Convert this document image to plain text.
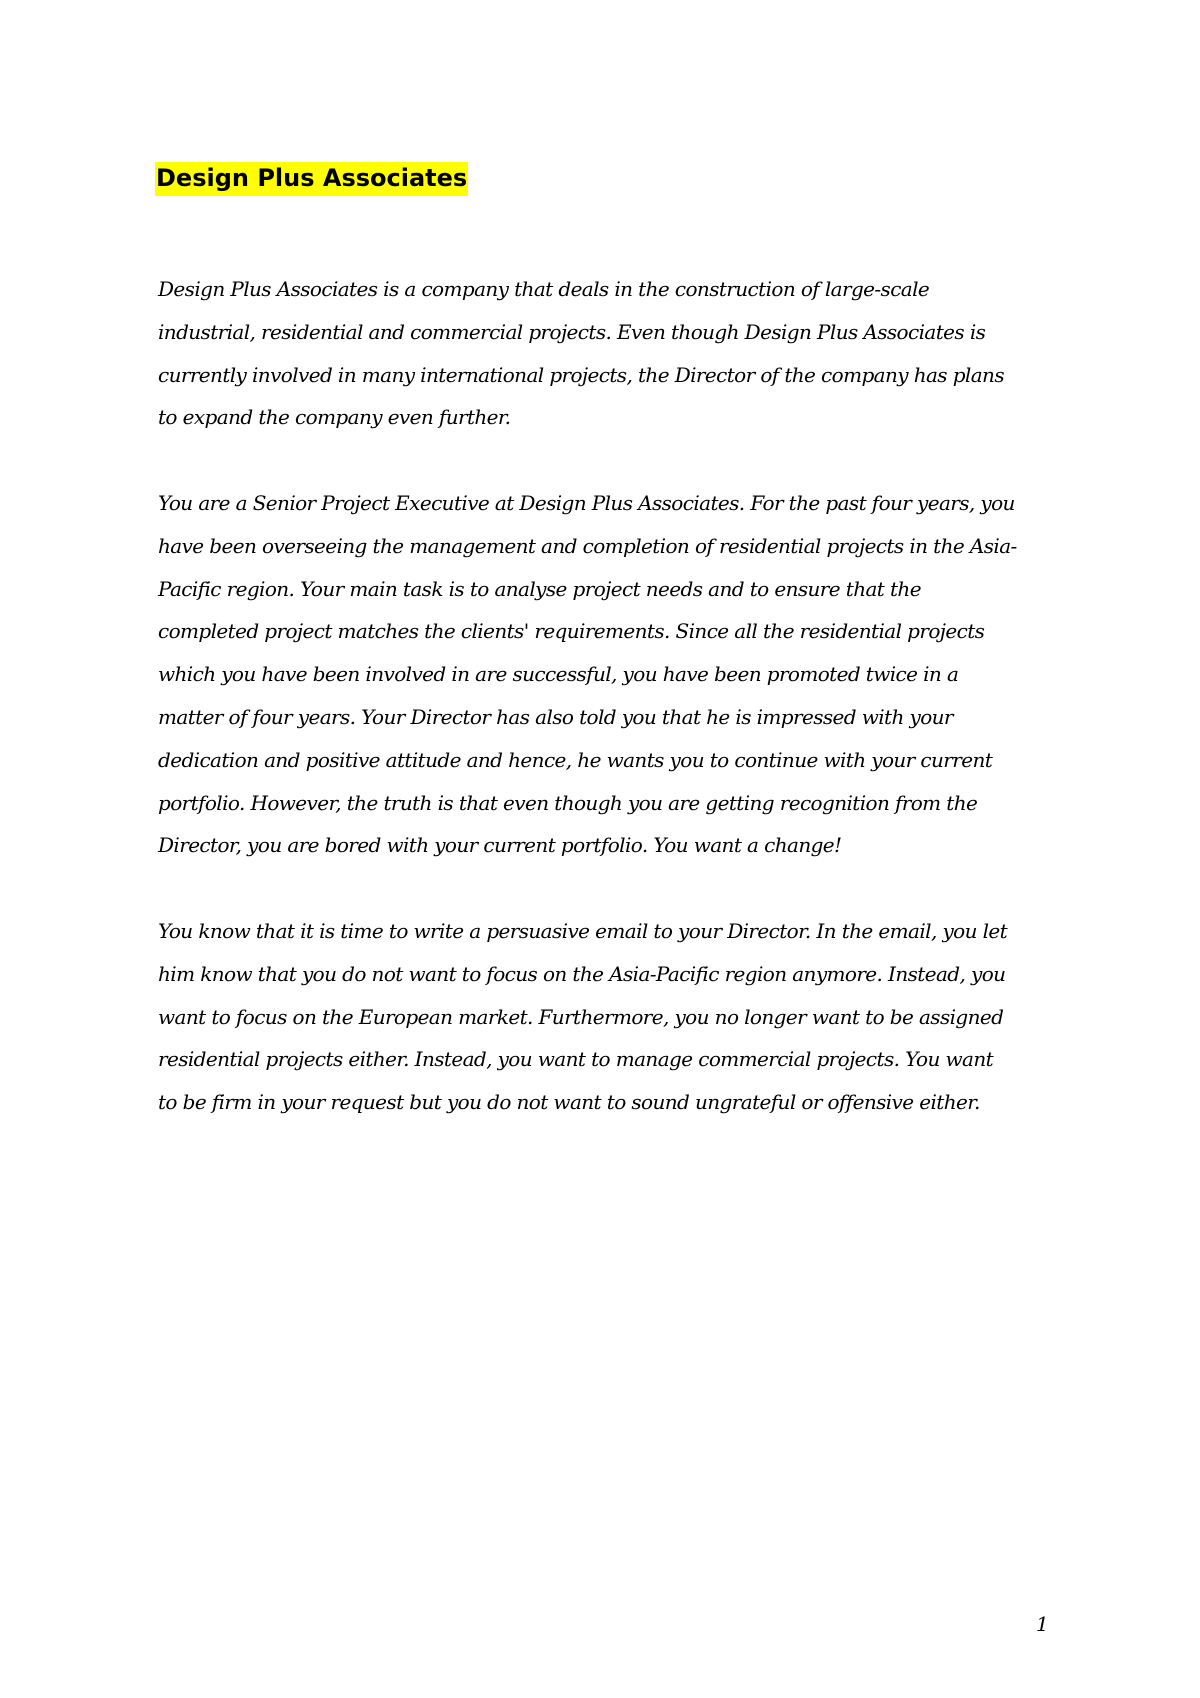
Design Plus Associates

Design Plus Associates is a company that deals in the construction of large-scale
industrial, residential and commercial projects. Even though Design Plus Associates is
currently involved in many international projects, the Director of the company has plans
to expand the company even further.

You are a Senior Project Executive at Design Plus Associates. For the past four years, you
have been overseeing the management and completion of residential projects in the Asia-
Pacific region. Your main task is to analyse project needs and to ensure that the
completed project matches the clients' requirements. Since all the residential projects
which you have been involved in are successful, you have been promoted twice in a
matter of four years. Your Director has also told you that he is impressed with your
dedication and positive attitude and hence, he wants you to continue with your current
portfolio. However, the truth is that even though you are getting recognition from the
Director, you are bored with your current portfolio. You want a change!

You know that it is time to write a persuasive email to your Director. In the email, you let
him know that you do not want to focus on the Asia-Pacific region anymore. Instead, you
want to focus on the European market. Furthermore, you no longer want to be assigned
residential projects either. Instead, you want to manage commercial projects. You want
to be firm in your request but you do not want to sound ungrateful or offensive either.

1
